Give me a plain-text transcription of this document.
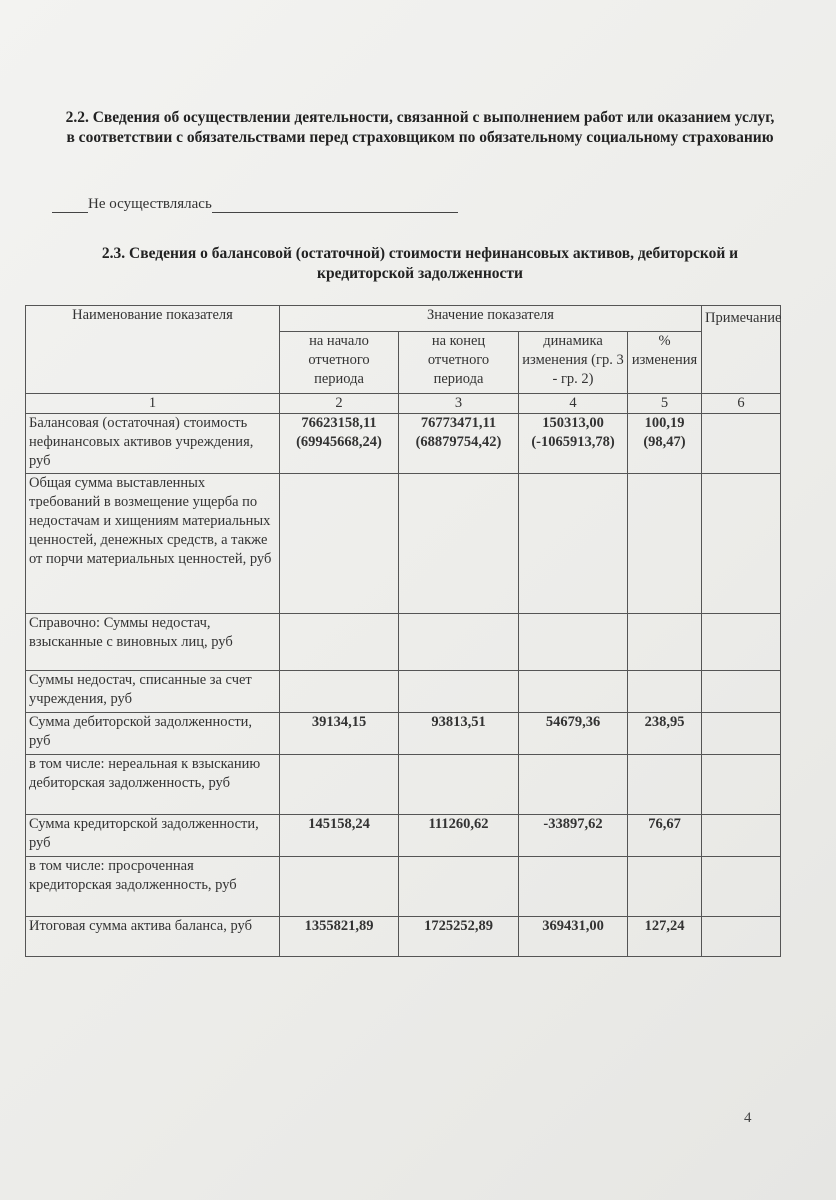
2.2. Сведения об осуществлении деятельности, связанной с выполнением работ или оказанием услуг, в соответствии с обязательствами перед страховщиком по обязательному социальному страхованию
Не осуществлялась
2.3. Сведения о балансовой (остаточной) стоимости нефинансовых активов, дебиторской и кредиторской задолженности
Наименование показателя	Значение показателя				Примечание
	на начало отчетного периода	на конец отчетного периода	динамика изменения (гр. 3 - гр. 2)	% изменения	
1	2	3	4	5	6
Балансовая (остаточная) стоимость нефинансовых активов учреждения, руб	76623158,11 (69945668,24)	76773471,11 (68879754,42)	150313,00 (-1065913,78)	100,19 (98,47)	
Общая сумма выставленных требований в возмещение ущерба по недостачам и хищениям материальных ценностей, денежных средств, а также от порчи материальных ценностей, руб					
Справочно: Суммы недостач, взысканные с виновных лиц, руб					
Суммы недостач, списанные за счет учреждения, руб					
Сумма дебиторской задолженности, руб	39134,15	93813,51	54679,36	238,95	
в том числе: нереальная к взысканию дебиторская задолженность, руб					
Сумма кредиторской задолженности, руб	145158,24	111260,62	-33897,62	76,67	
в том числе: просроченная кредиторская задолженность, руб					
Итоговая сумма актива баланса, руб	1355821,89	1725252,89	369431,00	127,24	
4
